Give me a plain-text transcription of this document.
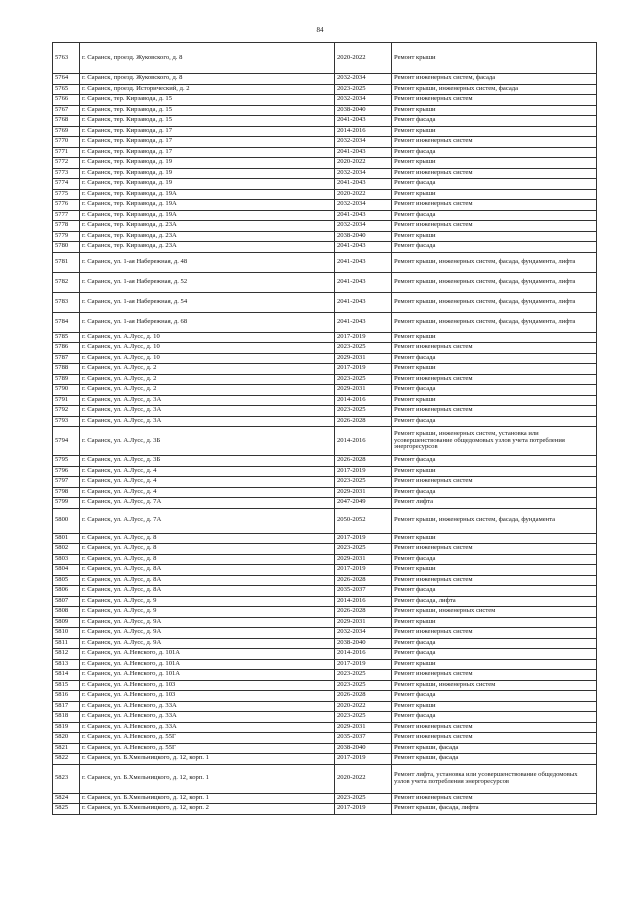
84
5763	г. Саранск, проезд. Жуковского, д. 8	2020-2022	Ремонт крыши
5764	г. Саранск, проезд. Жуковского, д. 8	2032-2034	Ремонт инженерных систем, фасада
5765	г. Саранск, проезд. Исторический, д. 2	2023-2025	Ремонт крыши, инженерных систем, фасада
5766	г. Саранск, тер. Кирзавода, д. 15	2032-2034	Ремонт инженерных систем
5767	г. Саранск, тер. Кирзавода, д. 15	2038-2040	Ремонт крыши
5768	г. Саранск, тер. Кирзавода, д. 15	2041-2043	Ремонт фасада
5769	г. Саранск, тер. Кирзавода, д. 17	2014-2016	Ремонт крыши
5770	г. Саранск, тер. Кирзавода, д. 17	2032-2034	Ремонт инженерных систем
5771	г. Саранск, тер. Кирзавода, д. 17	2041-2043	Ремонт фасада
5772	г. Саранск, тер. Кирзавода, д. 19	2020-2022	Ремонт крыши
5773	г. Саранск, тер. Кирзавода, д. 19	2032-2034	Ремонт инженерных систем
5774	г. Саранск, тер. Кирзавода, д. 19	2041-2043	Ремонт фасада
5775	г. Саранск, тер. Кирзавода, д. 19А	2020-2022	Ремонт крыши
5776	г. Саранск, тер. Кирзавода, д. 19А	2032-2034	Ремонт инженерных систем
5777	г. Саранск, тер. Кирзавода, д. 19А	2041-2043	Ремонт фасада
5778	г. Саранск, тер. Кирзавода, д. 23А	2032-2034	Ремонт инженерных систем
5779	г. Саранск, тер. Кирзавода, д. 23А	2038-2040	Ремонт крыши
5780	г. Саранск, тер. Кирзавода, д. 23А	2041-2043	Ремонт фасада
5781	г. Саранск, ул. 1-ая Набережная, д. 48	2041-2043	Ремонт крыши, инженерных систем, фасада, фундамента, лифта
5782	г. Саранск, ул. 1-ая Набережная, д. 52	2041-2043	Ремонт крыши, инженерных систем, фасада, фундамента, лифта
5783	г. Саранск, ул. 1-ая Набережная, д. 54	2041-2043	Ремонт крыши, инженерных систем, фасада, фундамента, лифта
5784	г. Саранск, ул. 1-ая Набережная, д. 68	2041-2043	Ремонт крыши, инженерных систем, фасада, фундамента, лифта
5785	г. Саранск, ул. А.Лусс, д. 10	2017-2019	Ремонт крыши
5786	г. Саранск, ул. А.Лусс, д. 10	2023-2025	Ремонт инженерных систем
5787	г. Саранск, ул. А.Лусс, д. 10	2029-2031	Ремонт фасада
5788	г. Саранск, ул. А.Лусс, д. 2	2017-2019	Ремонт крыши
5789	г. Саранск, ул. А.Лусс, д. 2	2023-2025	Ремонт инженерных систем
5790	г. Саранск, ул. А.Лусс, д. 2	2029-2031	Ремонт фасада
5791	г. Саранск, ул. А.Лусс, д. 3А	2014-2016	Ремонт крыши
5792	г. Саранск, ул. А.Лусс, д. 3А	2023-2025	Ремонт инженерных систем
5793	г. Саранск, ул. А.Лусс, д. 3А	2026-2028	Ремонт фасада
5794	г. Саранск, ул. А.Лусс, д. 3Б	2014-2016	Ремонт крыши, инженерных систем, установка или усовершенствование общедомовых узлов учета потребления энергоресурсов
5795	г. Саранск, ул. А.Лусс, д. 3Б	2026-2028	Ремонт фасада
5796	г. Саранск, ул. А.Лусс, д. 4	2017-2019	Ремонт крыши
5797	г. Саранск, ул. А.Лусс, д. 4	2023-2025	Ремонт инженерных систем
5798	г. Саранск, ул. А.Лусс, д. 4	2029-2031	Ремонт фасада
5799	г. Саранск, ул. А.Лусс, д. 7А	2047-2049	Ремонт лифта
5800	г. Саранск, ул. А.Лусс, д. 7А	2050-2052	Ремонт крыши, инженерных систем, фасада, фундамента
5801	г. Саранск, ул. А.Лусс, д. 8	2017-2019	Ремонт крыши
5802	г. Саранск, ул. А.Лусс, д. 8	2023-2025	Ремонт инженерных систем
5803	г. Саранск, ул. А.Лусс, д. 8	2029-2031	Ремонт фасада
5804	г. Саранск, ул. А.Лусс, д. 8А	2017-2019	Ремонт крыши
5805	г. Саранск, ул. А.Лусс, д. 8А	2026-2028	Ремонт инженерных систем
5806	г. Саранск, ул. А.Лусс, д. 8А	2035-2037	Ремонт фасада
5807	г. Саранск, ул. А.Лусс, д. 9	2014-2016	Ремонт фасада, лифта
5808	г. Саранск, ул. А.Лусс, д. 9	2026-2028	Ремонт крыши, инженерных систем
5809	г. Саранск, ул. А.Лусс, д. 9А	2029-2031	Ремонт крыши
5810	г. Саранск, ул. А.Лусс, д. 9А	2032-2034	Ремонт инженерных систем
5811	г. Саранск, ул. А.Лусс, д. 9А	2038-2040	Ремонт фасада
5812	г. Саранск, ул. А.Невского, д. 101А	2014-2016	Ремонт фасада
5813	г. Саранск, ул. А.Невского, д. 101А	2017-2019	Ремонт крыши
5814	г. Саранск, ул. А.Невского, д. 101А	2023-2025	Ремонт инженерных систем
5815	г. Саранск, ул. А.Невского, д. 103	2023-2025	Ремонт крыши, инженерных систем
5816	г. Саранск, ул. А.Невского, д. 103	2026-2028	Ремонт фасада
5817	г. Саранск, ул. А.Невского, д. 33А	2020-2022	Ремонт крыши
5818	г. Саранск, ул. А.Невского, д. 33А	2023-2025	Ремонт фасада
5819	г. Саранск, ул. А.Невского, д. 33А	2029-2031	Ремонт инженерных систем
5820	г. Саранск, ул. А.Невского, д. 55Г	2035-2037	Ремонт инженерных систем
5821	г. Саранск, ул. А.Невского, д. 55Г	2038-2040	Ремонт крыши, фасада
5822	г. Саранск, ул. Б.Хмельницкого, д. 12, корп. 1	2017-2019	Ремонт крыши, фасада
5823	г. Саранск, ул. Б.Хмельницкого, д. 12, корп. 1	2020-2022	Ремонт лифта, установка или усовершенствование общедомовых узлов учета потребления энергоресурсов
5824	г. Саранск, ул. Б.Хмельницкого, д. 12, корп. 1	2023-2025	Ремонт инженерных систем
5825	г. Саранск, ул. Б.Хмельницкого, д. 12, корп. 2	2017-2019	Ремонт крыши, фасада, лифта
